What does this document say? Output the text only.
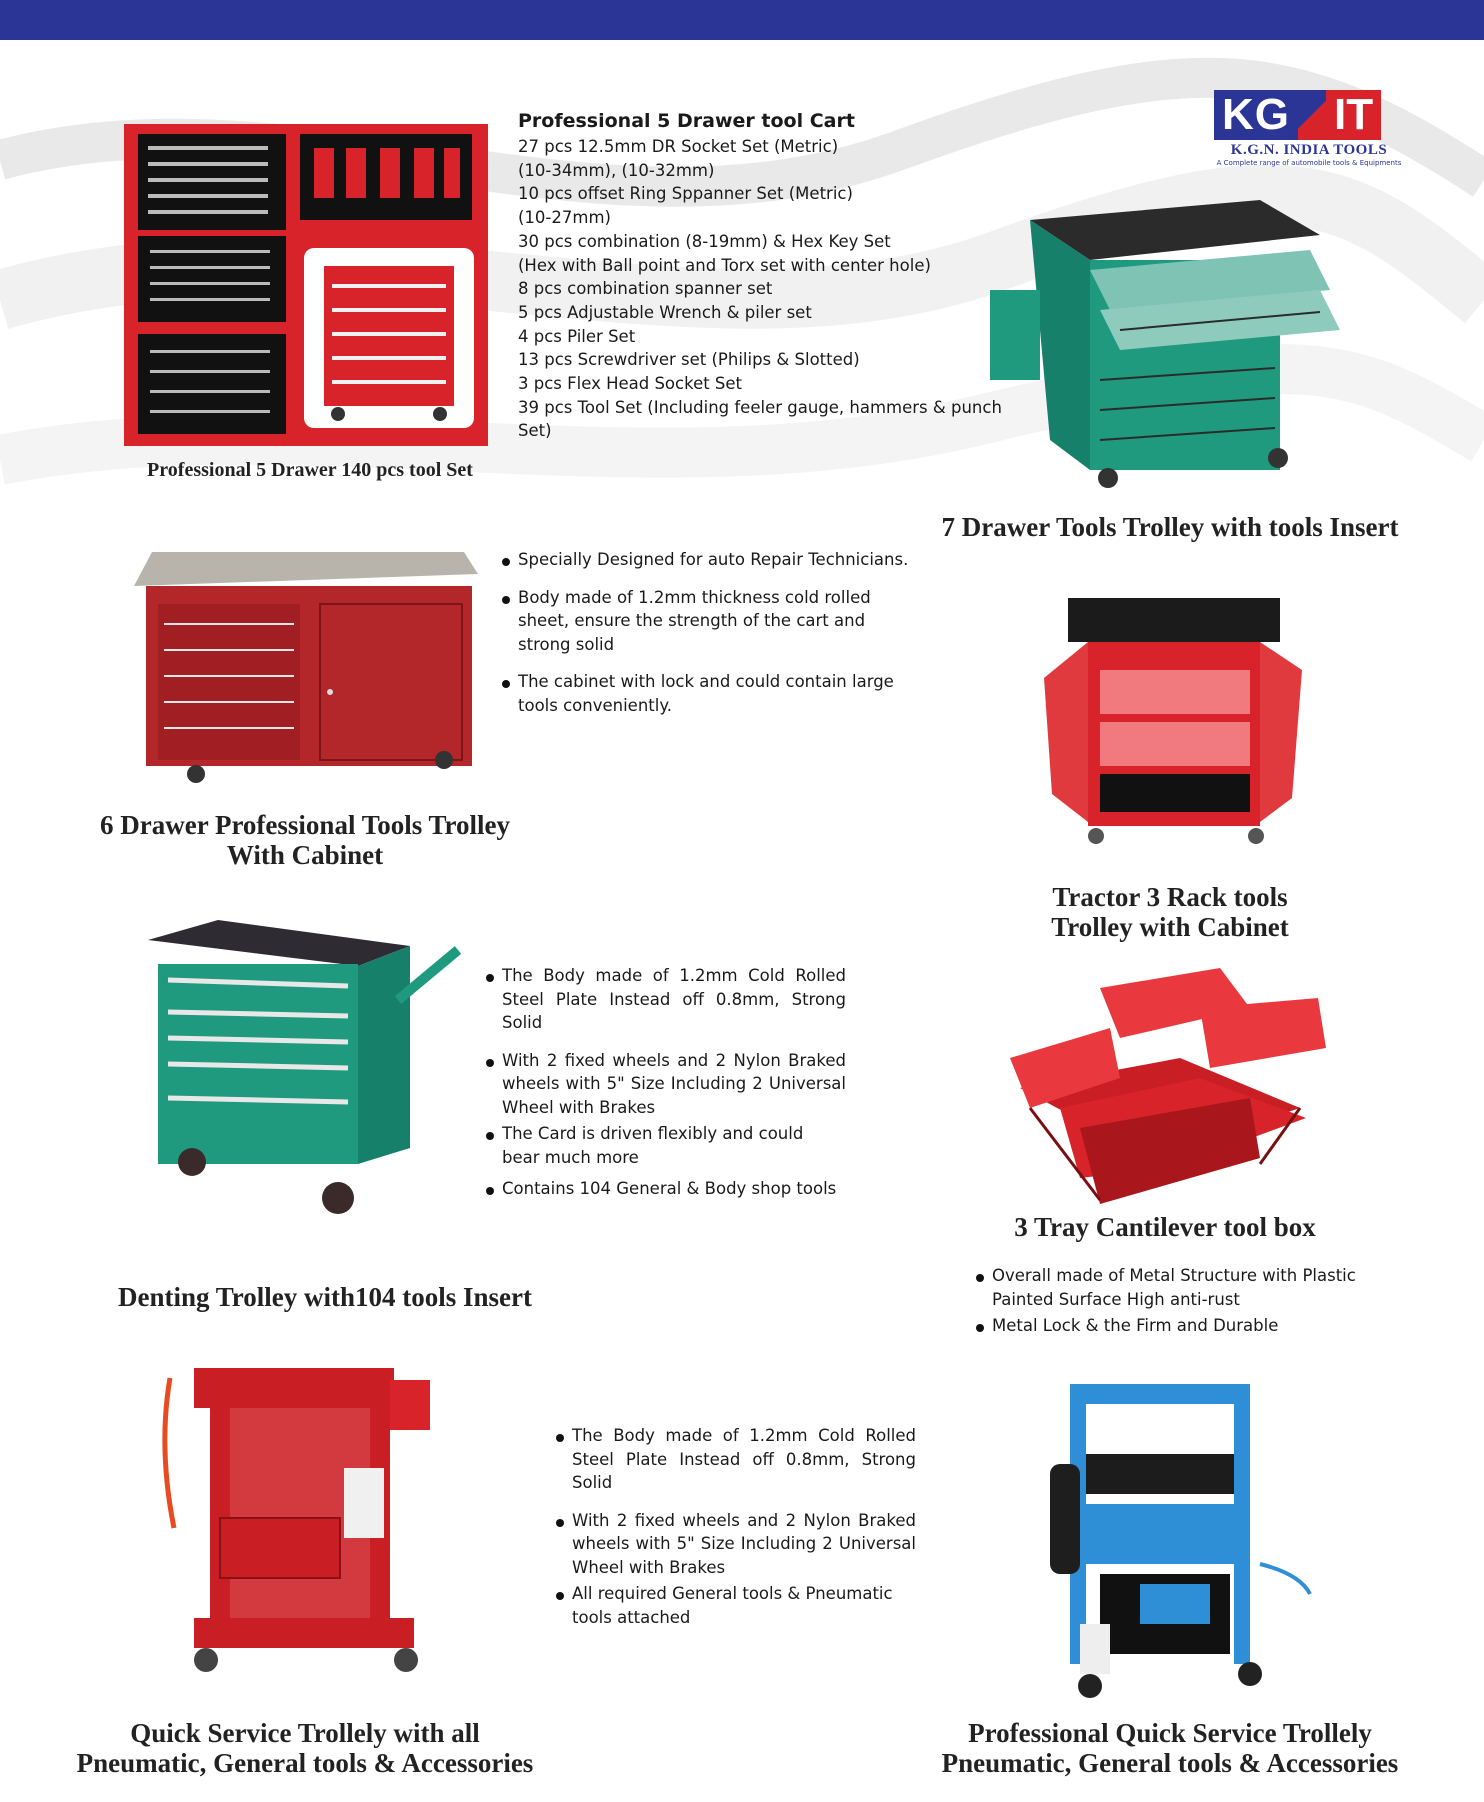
KG IT
K.G.N. INDIA TOOLS
A Complete range of automobile tools & Equipments
Professional 5 Drawer 140 pcs tool Set
Professional 5 Drawer tool Cart
27 pcs 12.5mm DR Socket Set (Metric)
(10-34mm), (10-32mm)
10 pcs offset Ring Sppanner Set (Metric)
(10-27mm)
30 pcs combination (8-19mm) & Hex Key Set
(Hex with Ball point and Torx set with center hole)
8 pcs combination spanner set
5 pcs Adjustable Wrench & piler set
4 pcs Piler Set
13 pcs Screwdriver set (Philips & Slotted)
3 pcs Flex Head Socket Set
39 pcs Tool Set (Including feeler gauge, hammers & punch Set)
7 Drawer Tools Trolley with tools Insert
6 Drawer Professional Tools Trolley
With Cabinet
Specially Designed for auto Repair Technicians.
Body made of 1.2mm thickness cold rolled sheet, ensure the strength of the cart and strong solid
The cabinet with lock and could contain large tools conveniently.
Tractor 3 Rack tools
Trolley with Cabinet
Denting Trolley with104 tools Insert
The Body made of 1.2mm Cold Rolled Steel Plate Instead off 0.8mm, Strong Solid
With 2 fixed wheels and 2 Nylon Braked wheels with 5" Size Including 2 Universal Wheel with Brakes
The Card is driven flexibly and could bear much more
Contains 104 General & Body shop tools
3 Tray Cantilever tool box
Overall made of Metal Structure with Plastic Painted Surface High anti-rust
Metal Lock & the Firm and Durable
Quick Service Trollely with all
Pneumatic, General tools & Accessories
The Body made of 1.2mm Cold Rolled Steel Plate Instead off 0.8mm, Strong Solid
With 2 fixed wheels and 2 Nylon Braked wheels with 5" Size Including 2 Universal Wheel with Brakes
All required General tools & Pneumatic tools attached
Professional Quick Service Trollely
Pneumatic, General tools & Accessories
